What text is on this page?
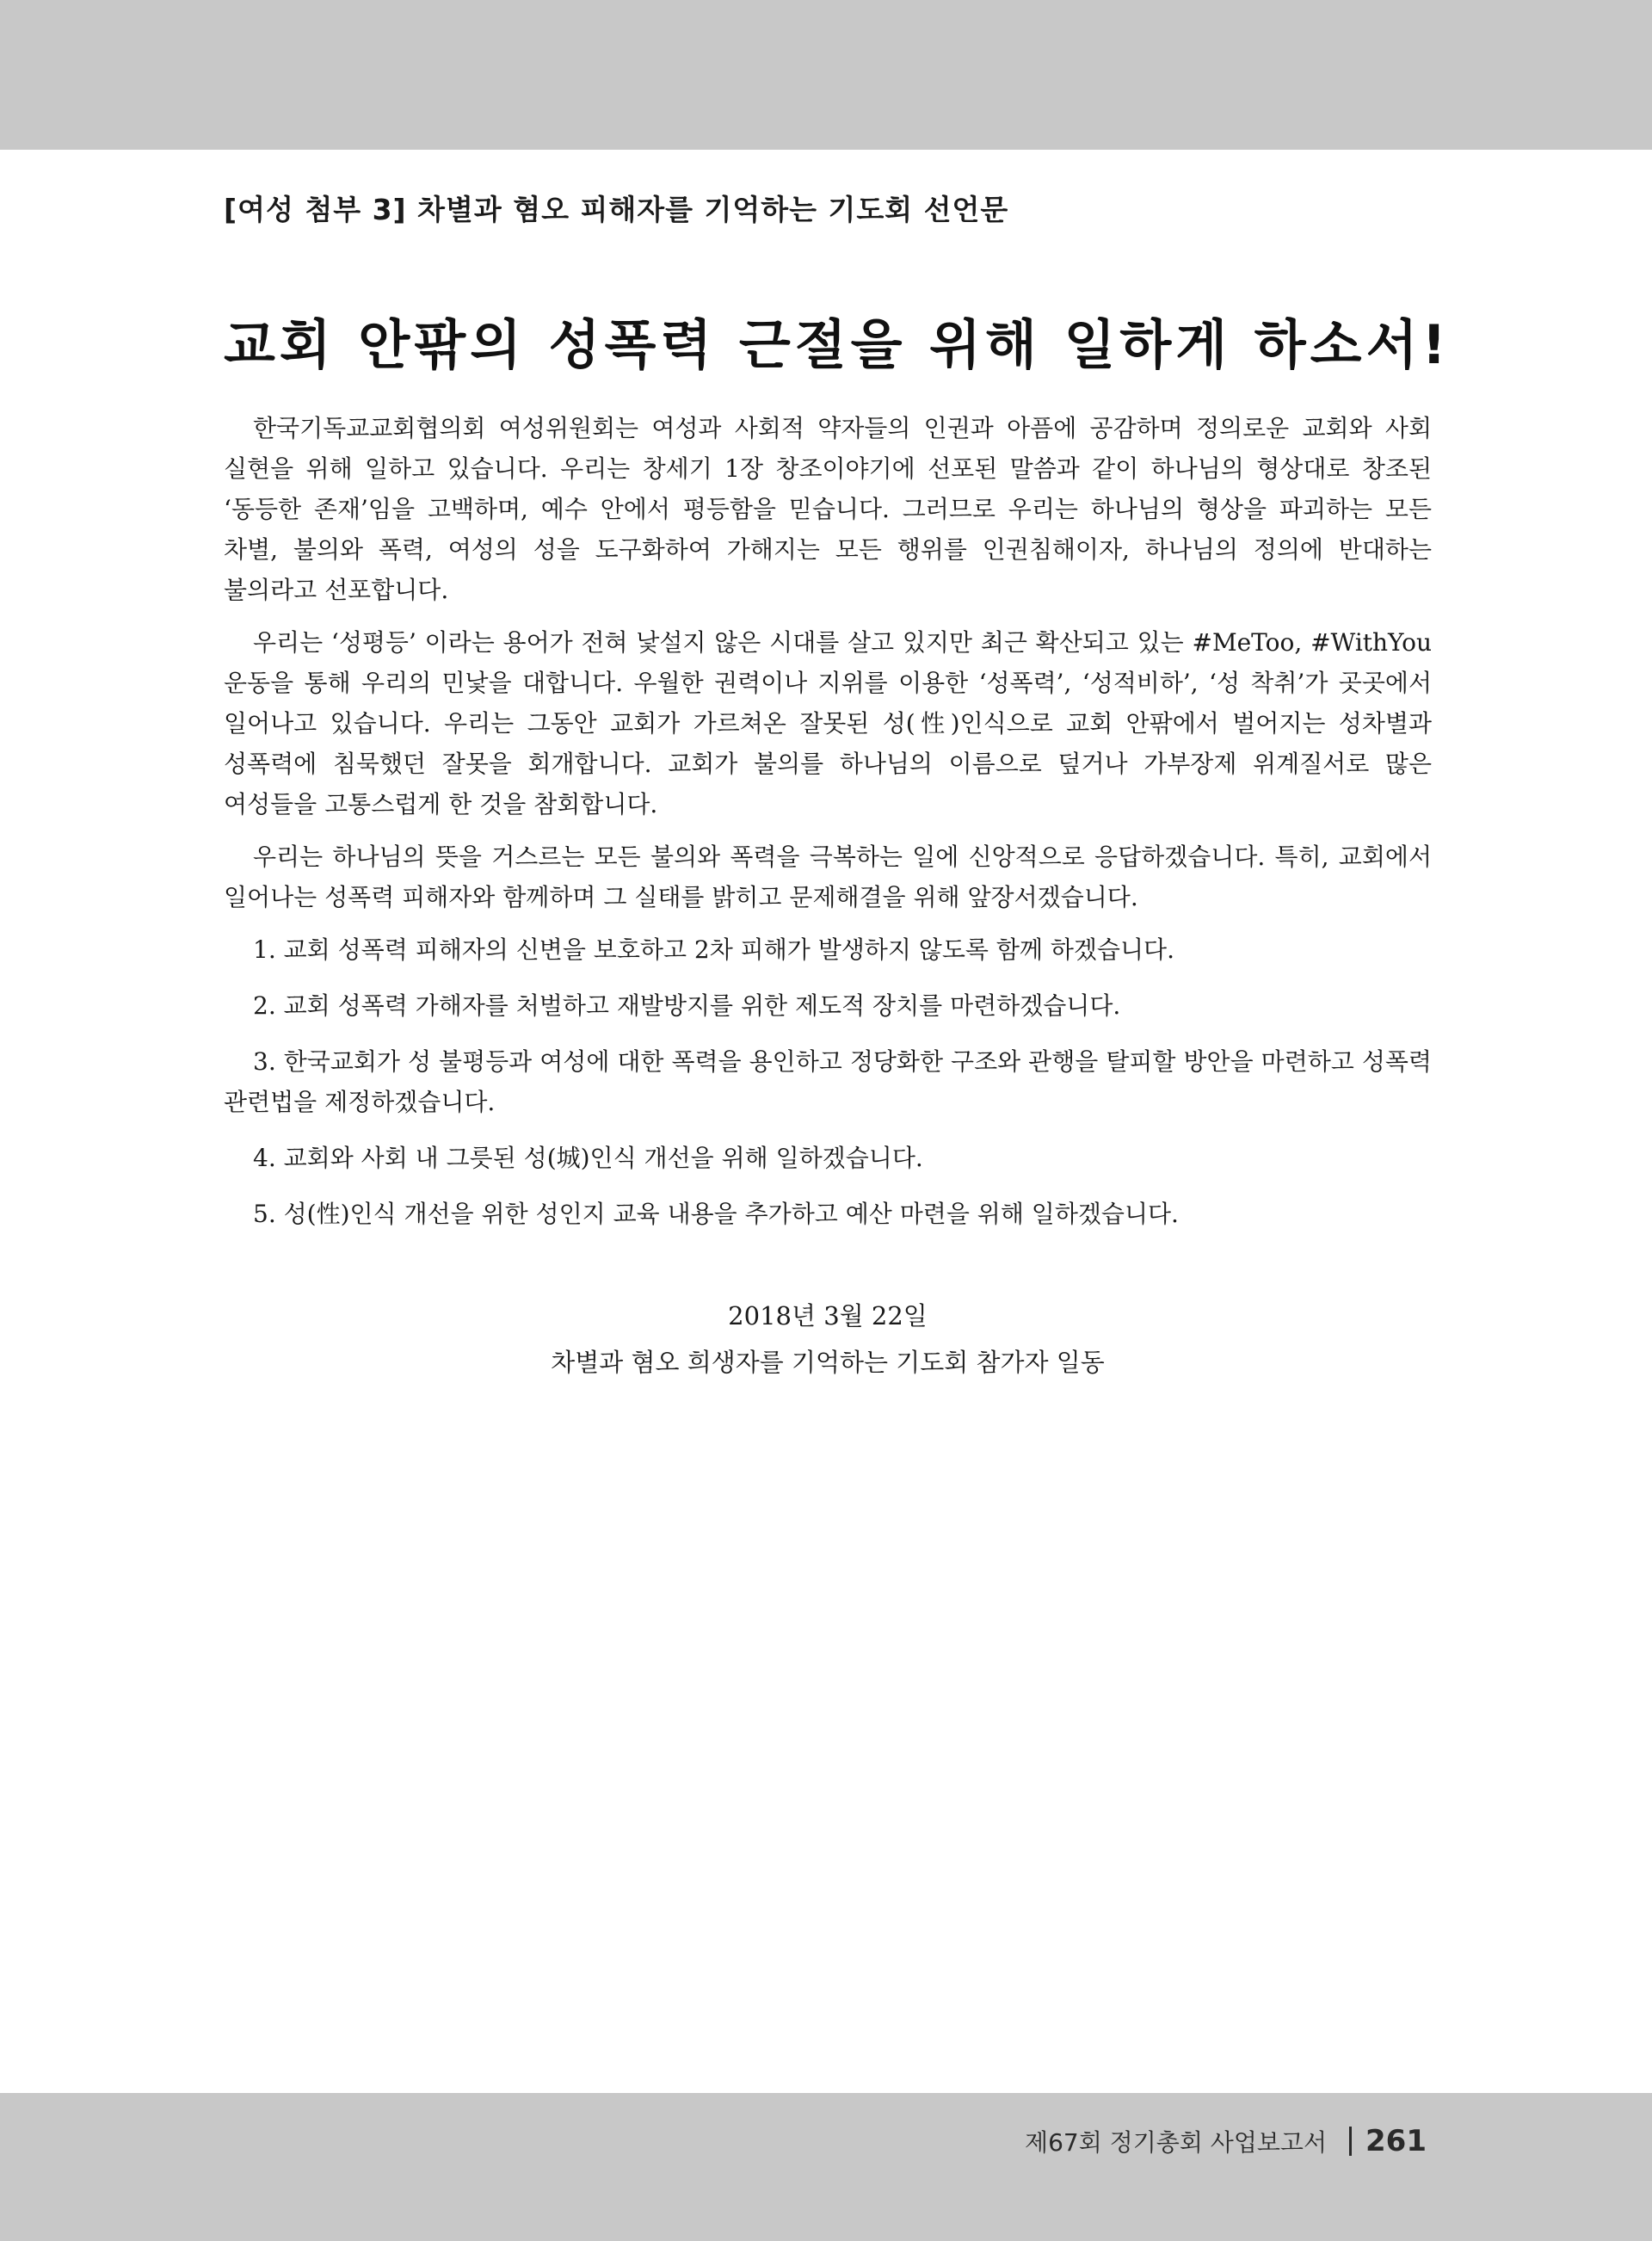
[여성 첨부 3] 차별과 혐오 피해자를 기억하는 기도회 선언문
교회 안팎의 성폭력 근절을 위해 일하게 하소서!

한국기독교교회협의회 여성위원회는 여성과 사회적 약자들의 인권과 아픔에 공감하며 정의로운 교회와 사회 실현을 위해 일하고 있습니다. 우리는 창세기 1장 창조이야기에 선포된 말씀과 같이 하나님의 형상대로 창조된 ‘동등한 존재’임을 고백하며, 예수 안에서 평등함을 믿습니다. 그러므로 우리는 하나님의 형상을 파괴하는 모든 차별, 불의와 폭력, 여성의 성을 도구화하여 가해지는 모든 행위를 인권침해이자, 하나님의 정의에 반대하는 불의라고 선포합니다.

우리는 ‘성평등’ 이라는 용어가 전혀 낯설지 않은 시대를 살고 있지만 최근 확산되고 있는 #MeToo, #WithYou 운동을 통해 우리의 민낯을 대합니다. 우월한 권력이나 지위를 이용한 ‘성폭력’, ‘성적비하’, ‘성 착취’가 곳곳에서 일어나고 있습니다. 우리는 그동안 교회가 가르쳐온 잘못된 성(性)인식으로 교회 안팎에서 벌어지는 성차별과 성폭력에 침묵했던 잘못을 회개합니다. 교회가 불의를 하나님의 이름으로 덮거나 가부장제 위계질서로 많은 여성들을 고통스럽게 한 것을 참회합니다.

우리는 하나님의 뜻을 거스르는 모든 불의와 폭력을 극복하는 일에 신앙적으로 응답하겠습니다. 특히, 교회에서 일어나는 성폭력 피해자와 함께하며 그 실태를 밝히고 문제해결을 위해 앞장서겠습니다.

1. 교회 성폭력 피해자의 신변을 보호하고 2차 피해가 발생하지 않도록 함께 하겠습니다.
2. 교회 성폭력 가해자를 처벌하고 재발방지를 위한 제도적 장치를 마련하겠습니다.
3. 한국교회가 성 불평등과 여성에 대한 폭력을 용인하고 정당화한 구조와 관행을 탈피할 방안을 마련하고 성폭력 관련법을 제정하겠습니다.
4. 교회와 사회 내 그릇된 성(城)인식 개선을 위해 일하겠습니다.
5. 성(性)인식 개선을 위한 성인지 교육 내용을 추가하고 예산 마련을 위해 일하겠습니다.
2018년 3월 22일
차별과 혐오 희생자를 기억하는 기도회 참가자 일동
제67회 정기총회 사업보고서 261
